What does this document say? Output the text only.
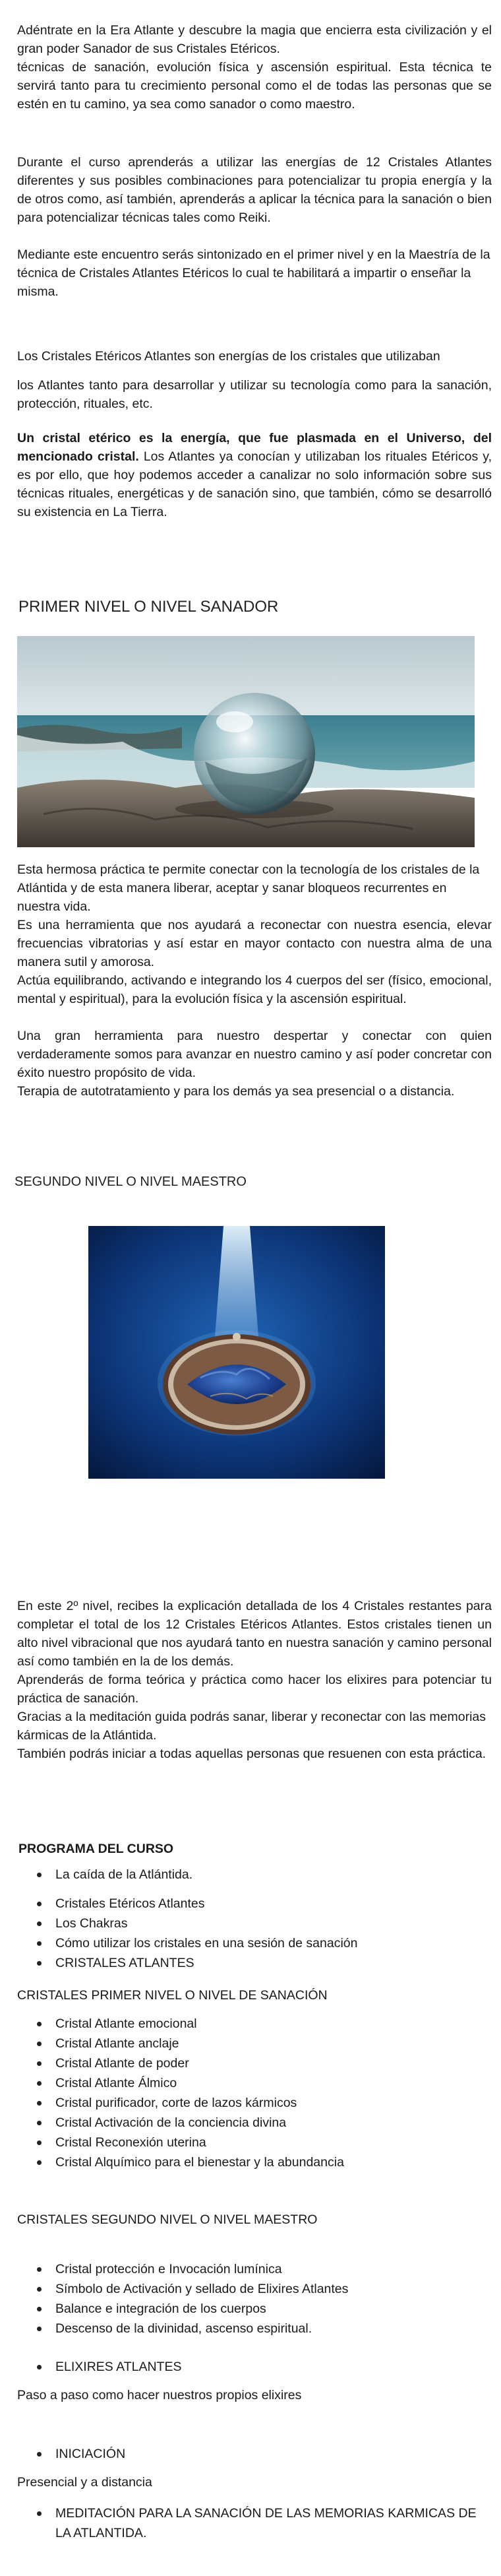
Adéntrate en la Era Atlante y descubre la magia que encierra esta civilización y el gran poder Sanador de sus Cristales Etéricos.
técnicas de sanación, evolución física y ascensión espiritual. Esta técnica te servirá tanto para tu crecimiento personal como el de todas las personas que se estén en tu camino, ya sea como sanador o como maestro.
Durante el curso aprenderás a utilizar las energías de 12 Cristales Atlantes diferentes y sus posibles combinaciones para potencializar tu propia energía y la de otros como, así también, aprenderás a aplicar la técnica para la sanación o bien para potencializar técnicas tales como Reiki.
Mediante este encuentro serás sintonizado en el primer nivel y en la Maestría de la técnica de Cristales Atlantes Etéricos lo cual te habilitará a impartir o enseñar la misma.
Los Cristales Etéricos Atlantes son energías de los cristales que utilizaban
los Atlantes tanto para desarrollar y utilizar su tecnología como para la sanación, protección, rituales, etc.
Un cristal etérico es la energía, que fue plasmada en el Universo, del mencionado cristal. Los Atlantes ya conocían y utilizaban los rituales Etéricos y, es por ello, que hoy podemos acceder a canalizar no solo información sobre sus técnicas rituales, energéticas y de sanación sino, que también, cómo se desarrolló su existencia en La Tierra.
PRIMER NIVEL O NIVEL SANADOR
Esta hermosa práctica te permite conectar con la tecnología de los cristales de la Atlántida y de esta manera liberar, aceptar y sanar bloqueos recurrentes en nuestra vida.
Es una herramienta que nos ayudará a reconectar con nuestra esencia, elevar frecuencias vibratorias y así estar en mayor contacto con nuestra alma de una manera sutil y amorosa.
Actúa equilibrando, activando e integrando los 4 cuerpos del ser (físico, emocional, mental y espiritual), para la evolución física y la ascensión espiritual.
Una gran herramienta para nuestro despertar y conectar con quien verdaderamente somos para avanzar en nuestro camino y así poder concretar con éxito nuestro propósito de vida.
Terapia de autotratamiento y para los demás ya sea presencial o a distancia.
SEGUNDO NIVEL O NIVEL MAESTRO
En este 2º nivel, recibes la explicación detallada de los 4 Cristales restantes para completar el total de los 12 Cristales Etéricos Atlantes. Estos cristales tienen un alto nivel vibracional que nos ayudará tanto en nuestra sanación y camino personal así como también en la de los demás.
Aprenderás de forma teórica y práctica como hacer los elixires para potenciar tu práctica de sanación.
Gracias a la meditación guida podrás sanar, liberar y reconectar con las memorias kármicas de la Atlántida.
También podrás iniciar a todas aquellas personas que resuenen con esta práctica.
PROGRAMA DEL CURSO
La caída de la Atlántida.
Cristales Etéricos Atlantes
Los Chakras
Cómo utilizar los cristales en una sesión de sanación
CRISTALES ATLANTES
CRISTALES PRIMER NIVEL O NIVEL DE SANACIÓN
Cristal Atlante emocional
Cristal Atlante anclaje
Cristal Atlante de poder
Cristal Atlante Álmico
Cristal purificador, corte de lazos kármicos
Cristal Activación de la conciencia divina
Cristal Reconexión uterina
Cristal Alquímico para el bienestar y la abundancia
CRISTALES SEGUNDO NIVEL O NIVEL MAESTRO
Cristal protección e Invocación lumínica
Símbolo de Activación y sellado de Elixires Atlantes
Balance e integración de los cuerpos
Descenso de la divinidad, ascenso espiritual.
ELIXIRES ATLANTES
Paso a paso como hacer nuestros propios elixires
INICIACIÓN
Presencial y a distancia
MEDITACIÓN PARA LA SANACIÓN DE LAS MEMORIAS KARMICAS DE LA ATLANTIDA.
